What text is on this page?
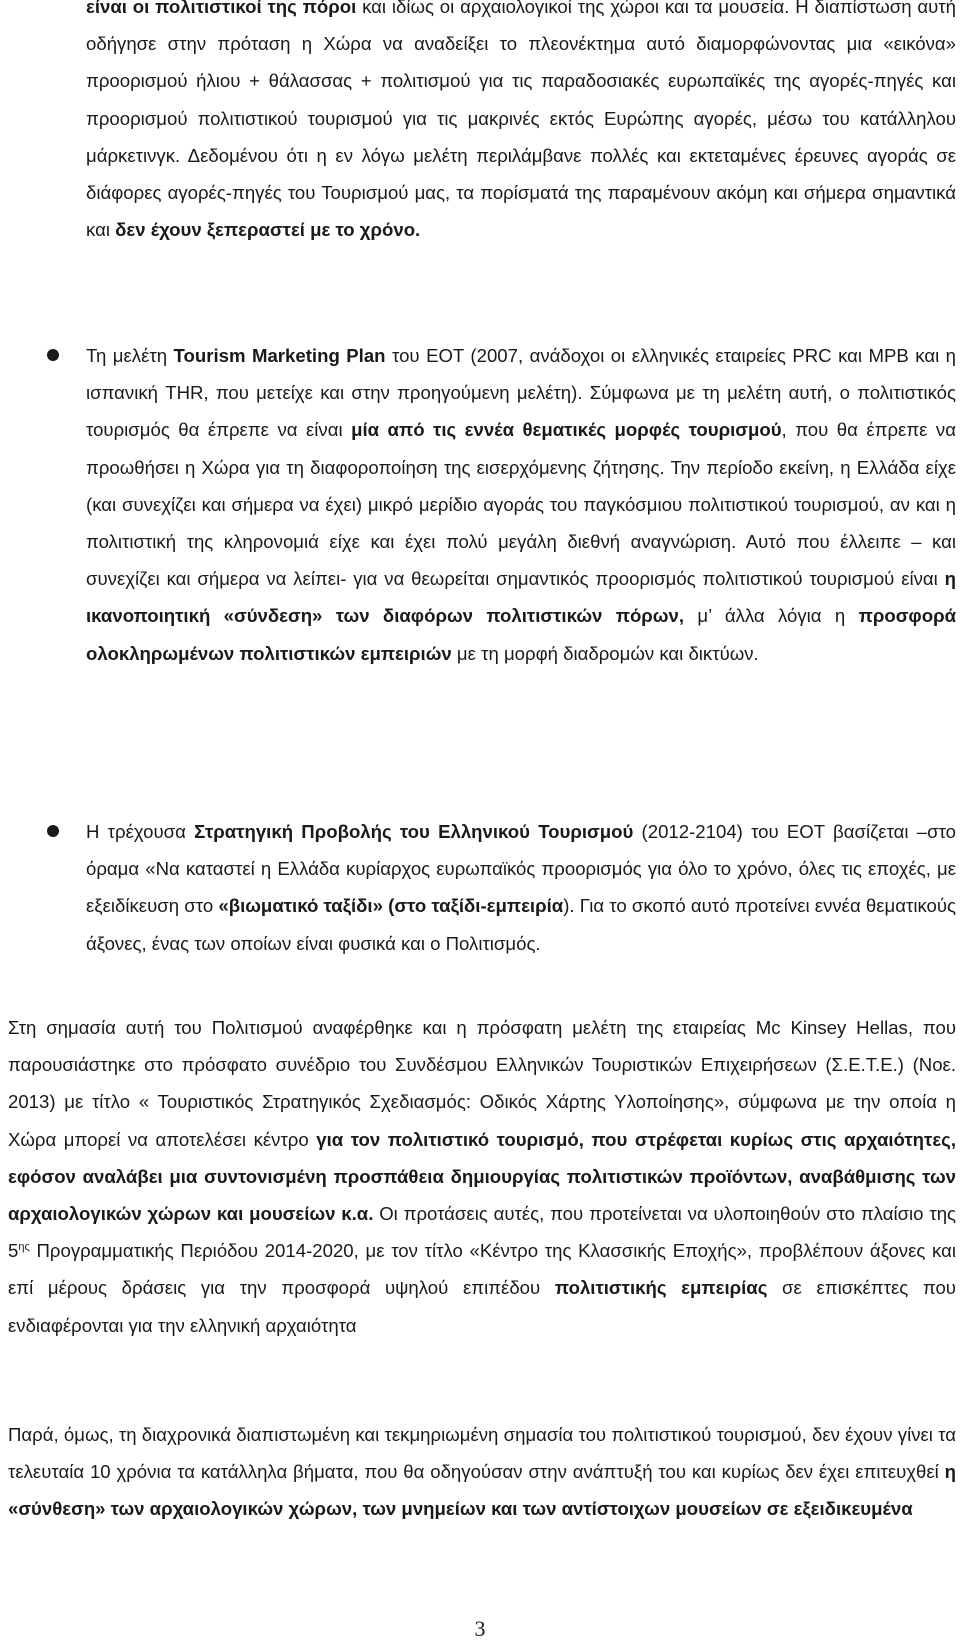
είναι οι πολιτιστικοί της πόροι και ιδίως οι αρχαιολογικοί της χώροι και τα μουσεία. Η διαπίστωση αυτή οδήγησε στην πρόταση η Χώρα να αναδείξει το πλεονέκτημα αυτό διαμορφώνοντας μια «εικόνα» προορισμού ήλιου + θάλασσας + πολιτισμού για τις παραδοσιακές ευρωπαϊκές της αγορές-πηγές και προορισμού πολιτιστικού τουρισμού για τις μακρινές εκτός Ευρώπης αγορές, μέσω του κατάλληλου μάρκετινγκ. Δεδομένου ότι η εν λόγω μελέτη περιλάμβανε πολλές και εκτεταμένες έρευνες αγοράς σε διάφορες αγορές-πηγές του Τουρισμού μας, τα πορίσματά της παραμένουν ακόμη και σήμερα σημαντικά και δεν έχουν ξεπεραστεί με το χρόνο.

Τη μελέτη Tourism Marketing Plan του ΕΟΤ (2007, ανάδοχοι οι ελληνικές εταιρείες PRC και MPB και η ισπανική THR, που μετείχε και στην προηγούμενη μελέτη). Σύμφωνα με τη μελέτη αυτή, ο πολιτιστικός τουρισμός θα έπρεπε να είναι μία από τις εννέα θεματικές μορφές τουρισμού, που θα έπρεπε να προωθήσει η Χώρα για τη διαφοροποίηση της εισερχόμενης ζήτησης. Την περίοδο εκείνη, η Ελλάδα είχε (και συνεχίζει και σήμερα να έχει) μικρό μερίδιο αγοράς του παγκόσμιου πολιτιστικού τουρισμού, αν και η πολιτιστική της κληρονομιά είχε και έχει πολύ μεγάλη διεθνή αναγνώριση. Αυτό που έλλειπε – και συνεχίζει και σήμερα να λείπει- για να θεωρείται σημαντικός προορισμός πολιτιστικού τουρισμού είναι η ικανοποιητική «σύνδεση» των διαφόρων πολιτιστικών πόρων, μ’ άλλα λόγια η προσφορά ολοκληρωμένων πολιτιστικών εμπειριών με τη μορφή διαδρομών και δικτύων.

Η τρέχουσα Στρατηγική Προβολής του Ελληνικού Τουρισμού (2012-2104) του ΕΟΤ βασίζεται –στο όραμα «Να καταστεί η Ελλάδα κυρίαρχος ευρωπαϊκός προορισμός για όλο το χρόνο, όλες τις εποχές, με εξειδίκευση στο «βιωματικό ταξίδι» (στο ταξίδι-εμπειρία). Για το σκοπό αυτό προτείνει εννέα θεματικούς άξονες, ένας των οποίων είναι φυσικά και ο Πολιτισμός.

Στη σημασία αυτή του Πολιτισμού αναφέρθηκε και η πρόσφατη μελέτη της εταιρείας Mc Kinsey Hellas, που παρουσιάστηκε στο πρόσφατο συνέδριο του Συνδέσμου Ελληνικών Τουριστικών Επιχειρήσεων (Σ.Ε.Τ.Ε.) (Νοε. 2013) με τίτλο « Τουριστικός Στρατηγικός Σχεδιασμός: Οδικός Χάρτης Υλοποίησης», σύμφωνα με την οποία η Χώρα μπορεί να αποτελέσει κέντρο για τον πολιτιστικό τουρισμό, που στρέφεται κυρίως στις αρχαιότητες, εφόσον αναλάβει μια συντονισμένη προσπάθεια δημιουργίας πολιτιστικών προϊόντων, αναβάθμισης των αρχαιολογικών χώρων και μουσείων κ.α. Οι προτάσεις αυτές, που προτείνεται να υλοποιηθούν στο πλαίσιο της $5^{\eta\varsigma}$ Προγραμματικής Περιόδου 2014-2020, με τον τίτλο «Κέντρο της Κλασσικής Εποχής», προβλέπουν άξονες και επί μέρους δράσεις για την προσφορά υψηλού επιπέδου πολιτιστικής εμπειρίας σε επισκέπτες που ενδιαφέρονται για την ελληνική αρχαιότητα

Παρά, όμως, τη διαχρονικά διαπιστωμένη και τεκμηριωμένη σημασία του πολιτιστικού τουρισμού, δεν έχουν γίνει τα τελευταία 10 χρόνια τα κατάλληλα βήματα, που θα οδηγούσαν στην ανάπτυξή του και κυρίως δεν έχει επιτευχθεί η «σύνθεση» των αρχαιολογικών χώρων, των μνημείων και των αντίστοιχων μουσείων σε εξειδικευμένα

3
